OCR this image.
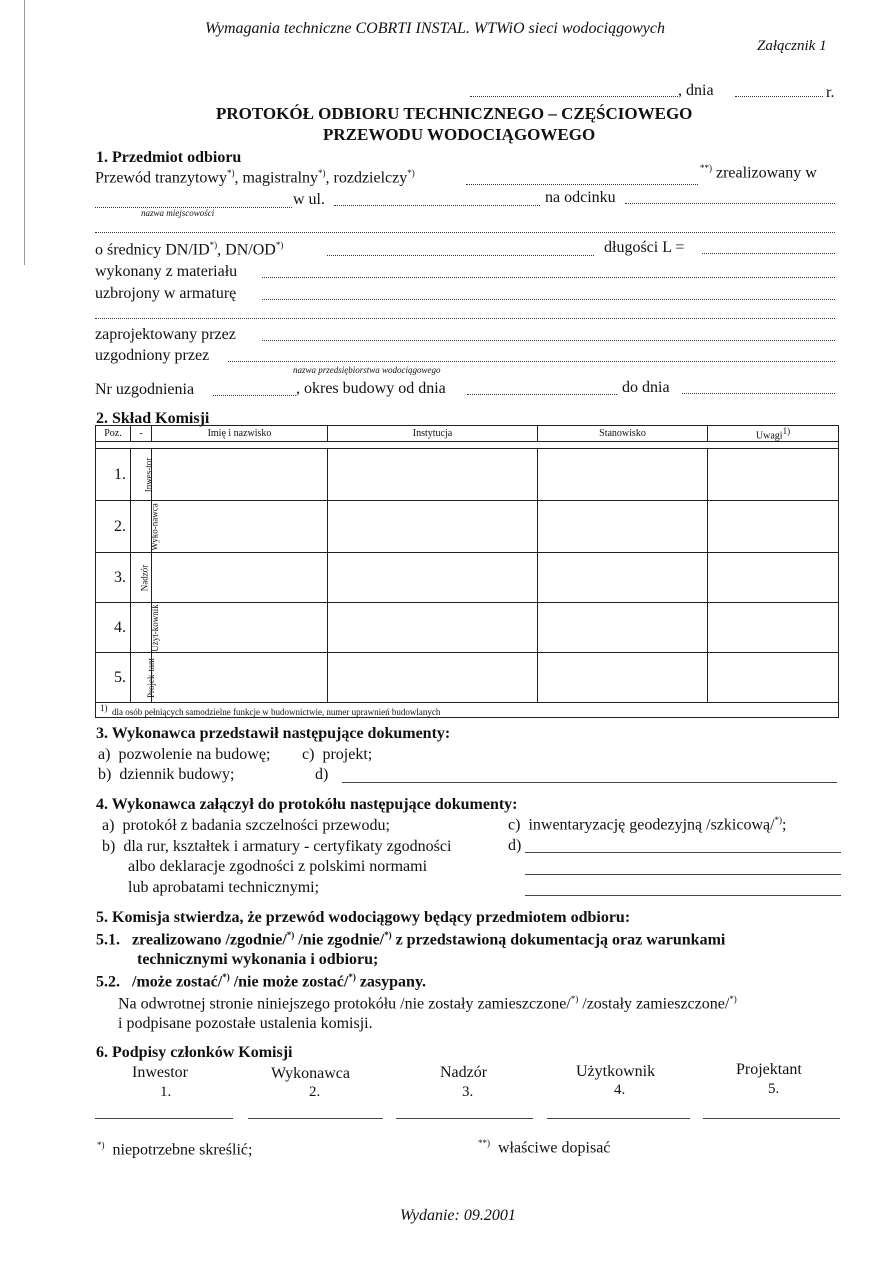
Wymagania techniczne COBRTI INSTAL. WTWiO sieci wodociągowych
Załącznik 1
, dnia	r.
PROTOKÓŁ ODBIORU TECHNICZNEGO – CZĘŚCIOWEGO
PRZEWODU WODOCIĄGOWEGO
1. Przedmiot odbioru
Przewód tranzytowy*), magistralny*), rozdzielczy*)	**) zrealizowany w
w ul.	na odcinku
nazwa miejscowości
o średnicy DN/ID*), DN/OD*)	długości L =
wykonany z materiału
uzbrojony w armaturę
zaprojektowany przez
uzgodniony przez
nazwa przedsiębiorstwa wodociągowego
Nr uzgodnienia	, okres budowy od dnia	do dnia
2. Skład Komisji
Poz.	-	Imię i nazwisko	Instytucja	Stanowisko	Uwagi$^{1)}$

1.	Inwes-tor				
2.	Wyko-nawca				
3.	Nadzór				
4.	Użyt-kownik				
5.	Projek-tant				
$^{1)}$ dla osób pełniących samodzielne funkcje w budownictwie, numer uprawnień budowlanych					
3. Wykonawca przedstawił następujące dokumenty:
a) pozwolenie na budowę; c) projekt;
b) dziennik budowy;	d)
4. Wykonawca załączył do protokółu następujące dokumenty:
a) protokół z badania szczelności przewodu;	c) inwentaryzację geodezyjną /szkicową/*);
b) dla rur, kształtek i armatury - certyfikaty zgodności	d)
albo deklaracje zgodności z polskimi normami
lub aprobatami technicznymi;
5. Komisja stwierdza, że przewód wodociągowy będący przedmiotem odbioru:
5.1. zrealizowano /zgodnie/*) /nie zgodnie/*) z przedstawioną dokumentacją oraz warunkami
technicznymi wykonania i odbioru;
5.2. /może zostać/*) /nie może zostać/*) zasypany.
Na odwrotnej stronie niniejszego protokółu /nie zostały zamieszczone/*) /zostały zamieszczone/*)
i podpisane pozostałe ustalenia komisji.
6. Podpisy członków Komisji
Inwestor
1.
Wykonawca
2.
Nadzór
3.
Użytkownik
4.
Projektant
5.
*) niepotrzebne skreślić;	**) właściwe dopisać
Wydanie: 09.2001
